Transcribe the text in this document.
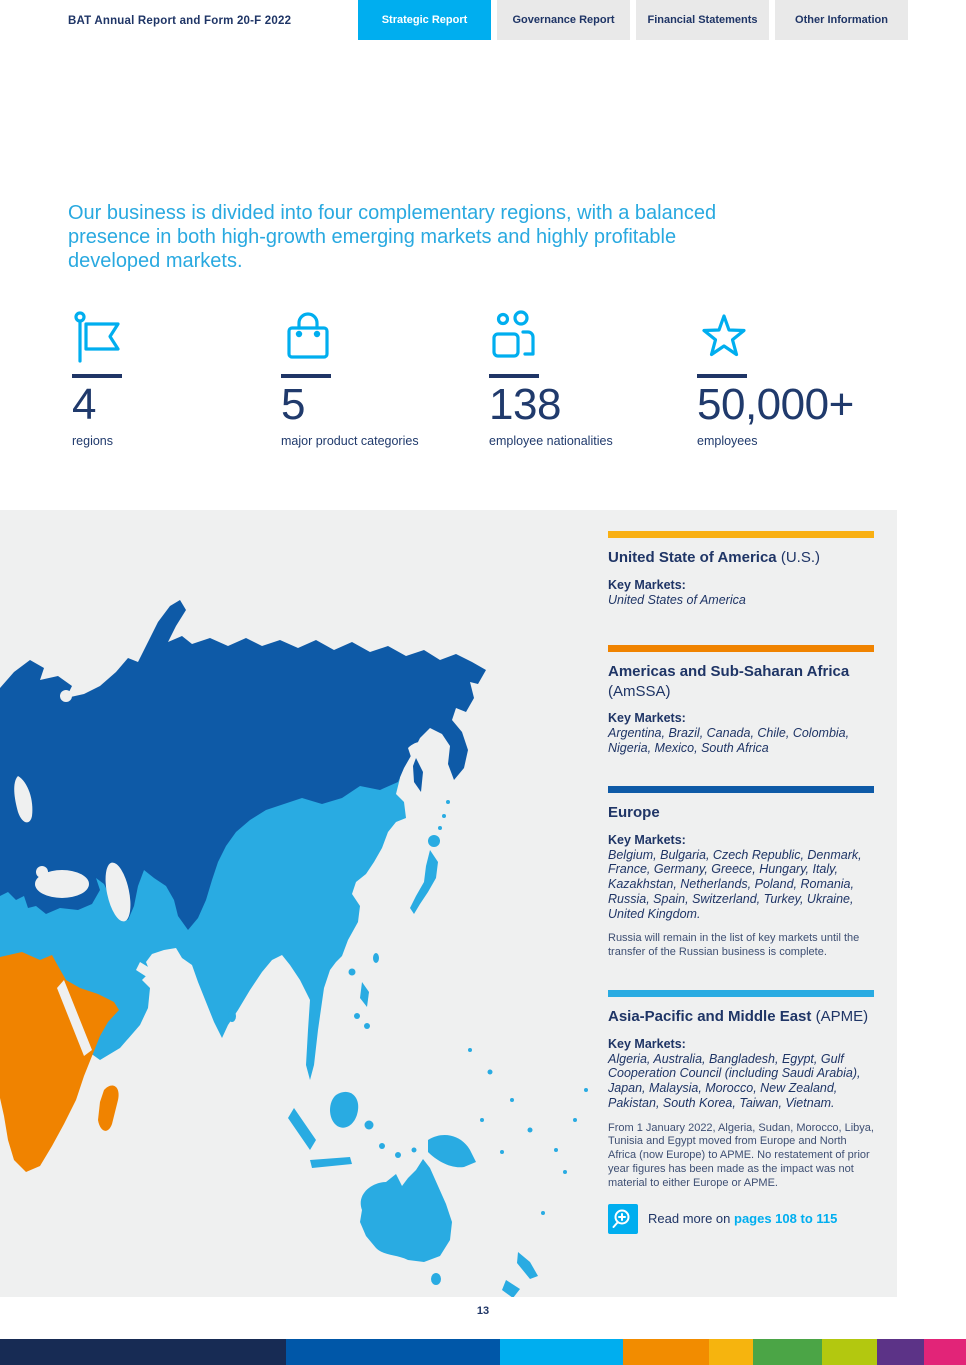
BAT Annual Report and Form 20-F 2022	Strategic Report	Governance Report	Financial Statements	Other Information
Our business is divided into four complementary regions, with a balanced presence in both high-growth emerging markets and highly profitable developed markets.
4
regions
5
major product categories
138
employee nationalities
50,000+
employees
United State of America (U.S.)
Key Markets:
United States of America
Americas and Sub-Saharan Africa (AmSSA)
Key Markets:
Argentina, Brazil, Canada, Chile, Colombia, Nigeria, Mexico, South Africa
Europe
Key Markets:
Belgium, Bulgaria, Czech Republic, Denmark, France, Germany, Greece, Hungary, Italy, Kazakhstan, Netherlands, Poland, Romania, Russia, Spain, Switzerland, Turkey, Ukraine, United Kingdom.
Russia will remain in the list of key markets until the transfer of the Russian business is complete.
Asia-Pacific and Middle East (APME)
Key Markets:
Algeria, Australia, Bangladesh, Egypt, Gulf Cooperation Council (including Saudi Arabia), Japan, Malaysia, Morocco, New Zealand, Pakistan, South Korea, Taiwan, Vietnam.
From 1 January 2022, Algeria, Sudan, Morocco, Libya, Tunisia and Egypt moved from Europe and North Africa (now Europe) to APME. No restatement of prior year figures has been made as the impact was not material to either Europe or APME.
Read more on pages 108 to 115
13
